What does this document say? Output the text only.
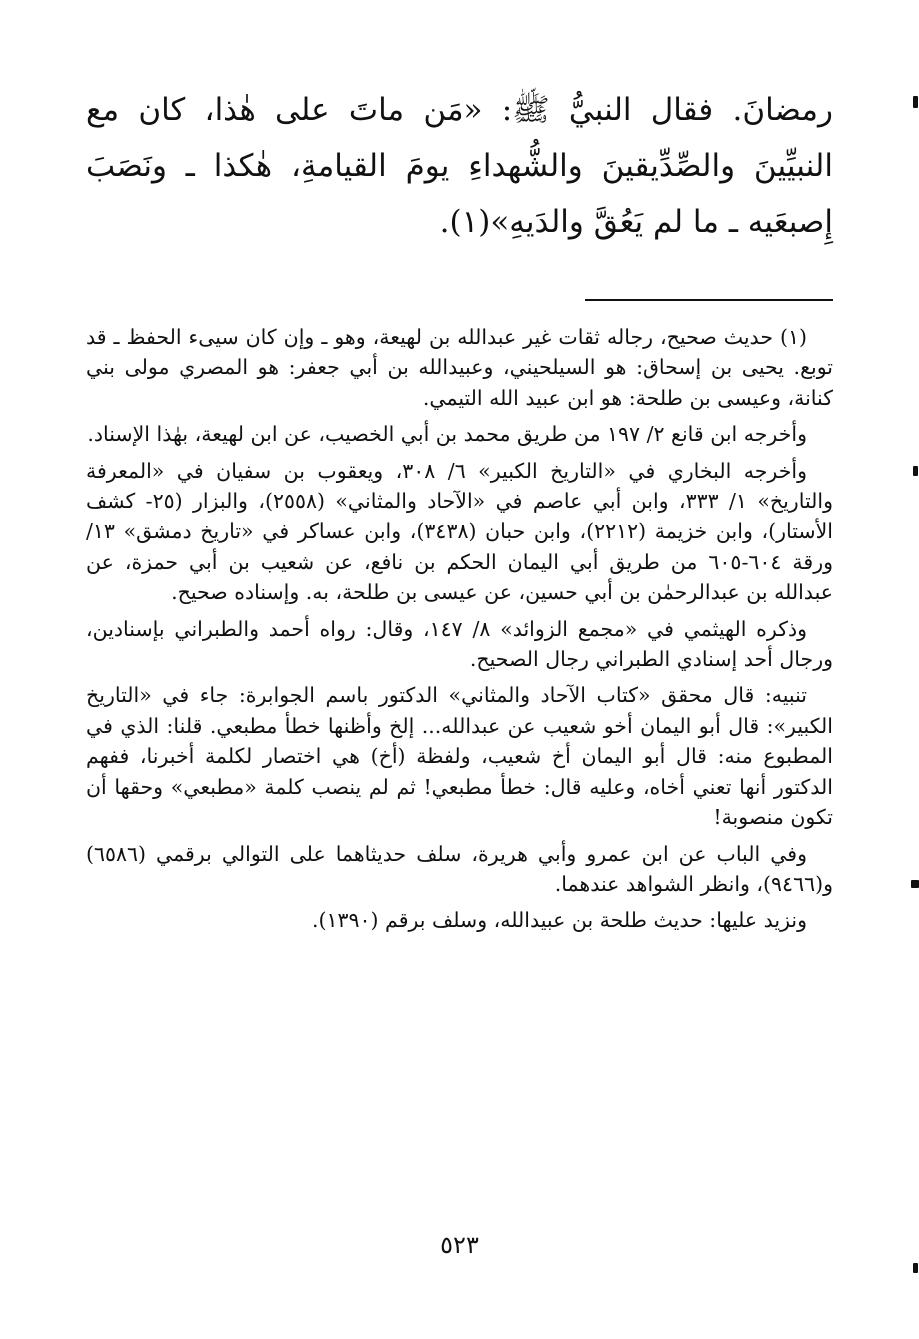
رمضانَ. فقال النبيُّ ﷺ: «مَن ماتَ على هٰذا، كان مع النبيِّينَ والصِّدِّيقينَ والشُّهداءِ يومَ القيامةِ، هٰكذا ـ ونَصَبَ إِصبعَيه ـ ما لم يَعُقَّ والدَيهِ»(١).

(١) حديث صحيح، رجاله ثقات غير عبدالله بن لهيعة، وهو ـ وإن كان سيىء الحفظ ـ قد توبع. يحيى بن إسحاق: هو السيلحيني، وعبيدالله بن أبي جعفر: هو المصري مولى بني كنانة، وعيسى بن طلحة: هو ابن عبيد الله التيمي.

وأخرجه ابن قانع ٢/ ١٩٧ من طريق محمد بن أبي الخصيب، عن ابن لهيعة، بهٰذا الإسناد.

وأخرجه البخاري في «التاريخ الكبير» ٦/ ٣٠٨، ويعقوب بن سفيان في «المعرفة والتاريخ» ١/ ٣٣٣، وابن أبي عاصم في «الآحاد والمثاني» (٢٥٥٨)، والبزار (٢٥- كشف الأستار)، وابن خزيمة (٢٢١٢)، وابن حبان (٣٤٣٨)، وابن عساكر في «تاريخ دمشق» ١٣/ ورقة ٦٠٤-٦٠٥ من طريق أبي اليمان الحكم بن نافع، عن شعيب بن أبي حمزة، عن عبدالله بن عبدالرحمٰن بن أبي حسين، عن عيسى بن طلحة، به. وإسناده صحيح.

وذكره الهيثمي في «مجمع الزوائد» ٨/ ١٤٧، وقال: رواه أحمد والطبراني بإسنادين، ورجال أحد إسنادي الطبراني رجال الصحيح.

تنبيه: قال محقق «كتاب الآحاد والمثاني» الدكتور باسم الجوابرة: جاء في «التاريخ الكبير»: قال أبو اليمان أخو شعيب عن عبدالله... إلخ وأظنها خطأ مطبعي. قلنا: الذي في المطبوع منه: قال أبو اليمان أخ شعيب، ولفظة (أخ) هي اختصار لكلمة أخبرنا، ففهم الدكتور أنها تعني أخاه، وعليه قال: خطأ مطبعي! ثم لم ينصب كلمة «مطبعي» وحقها أن تكون منصوبة!

وفي الباب عن ابن عمرو وأبي هريرة، سلف حديثاهما على التوالي برقمي (٦٥٨٦) و(٩٤٦٦)، وانظر الشواهد عندهما.

ونزيد عليها: حديث طلحة بن عبيدالله، وسلف برقم (١٣٩٠).

٥٢٣
